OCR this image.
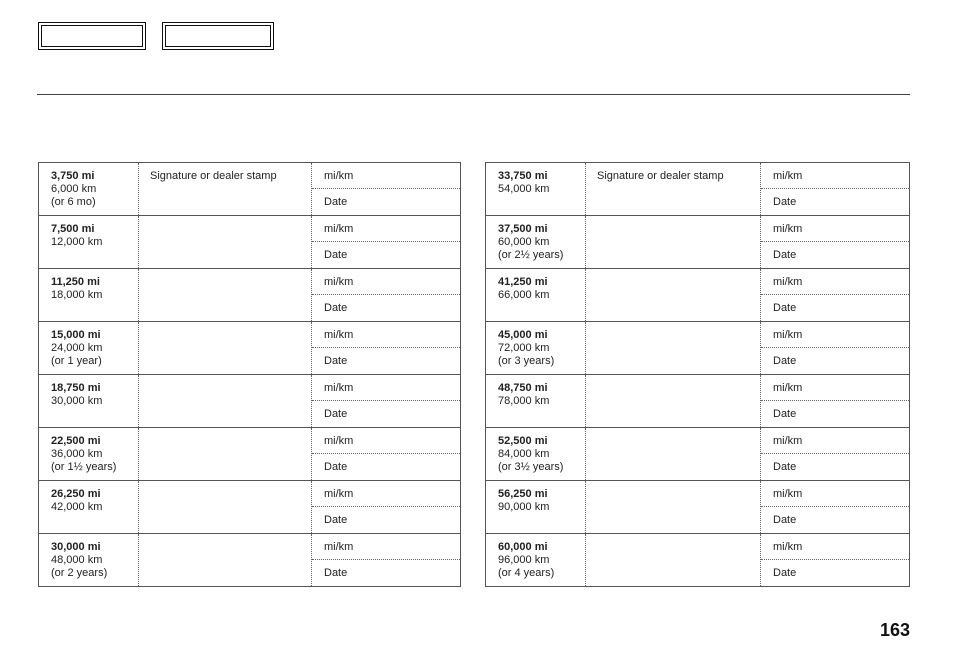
3,750 mi
6,000 km
(or 6 mo)
Signature or dealer stamp	mi/km
Date
7,500 mi
12,000 km
mi/km
Date
11,250 mi
18,000 km
mi/km
Date
15,000 mi
24,000 km
(or 1 year)
mi/km
Date
18,750 mi
30,000 km
mi/km
Date
22,500 mi
36,000 km
(or 1½ years)
mi/km
Date
26,250 mi
42,000 km
mi/km
Date
30,000 mi
48,000 km
(or 2 years)
mi/km
Date
33,750 mi
54,000 km
Signature or dealer stamp	mi/km
Date
37,500 mi
60,000 km
(or 2½ years)
mi/km
Date
41,250 mi
66,000 km
mi/km
Date
45,000 mi
72,000 km
(or 3 years)
mi/km
Date
48,750 mi
78,000 km
mi/km
Date
52,500 mi
84,000 km
(or 3½ years)
mi/km
Date
56,250 mi
90,000 km
mi/km
Date
60,000 mi
96,000 km
(or 4 years)
mi/km
Date
163
